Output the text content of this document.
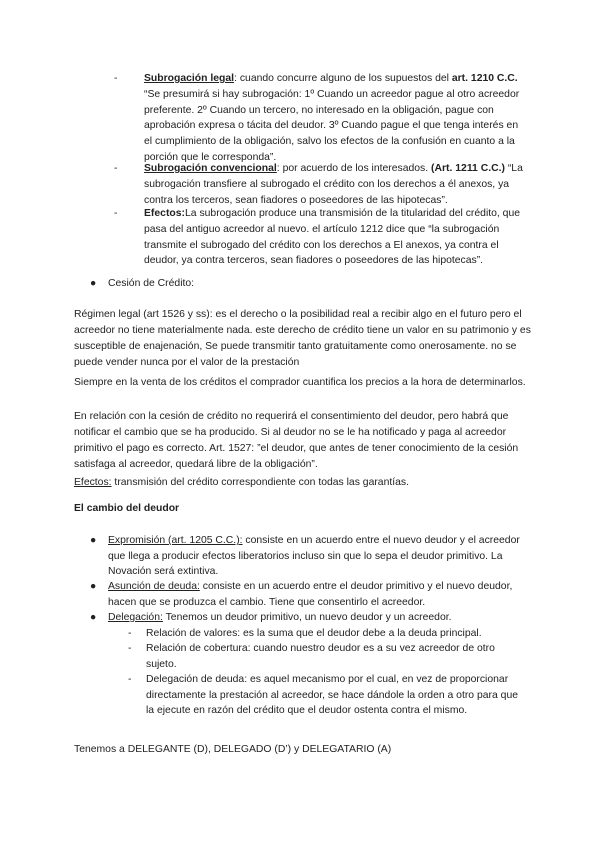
-	Subrogación legal: cuando concurre alguno de los supuestos del art. 1210 C.C. “Se presumirá si hay subrogación: 1º Cuando un acreedor pague al otro acreedor preferente. 2º Cuando un tercero, no interesado en la obligación, pague con aprobación expresa o tácita del deudor. 3º Cuando pague el que tenga interés en el cumplimiento de la obligación, salvo los efectos de la confusión en cuanto a la porción que le corresponda”.

-	Subrogación convencional: por acuerdo de los interesados. (Art. 1211 C.C.) “La subrogación transfiere al subrogado el crédito con los derechos a él anexos, ya contra los terceros, sean fiadores o poseedores de las hipotecas”.

-	Efectos:La subrogación produce una transmisión de la titularidad del crédito, que pasa del antiguo acreedor al nuevo. el artículo 1212 dice que “la subrogación transmite el subrogado del crédito con los derechos a El anexos, ya contra el deudor, ya contra terceros, sean fiadores o poseedores de las hipotecas”.

● Cesión de Crédito:

Régimen legal (art 1526 y ss): es el derecho o la posibilidad real a recibir algo en el futuro pero el acreedor no tiene materialmente nada. este derecho de crédito tiene un valor en su patrimonio y es susceptible de enajenación, Se puede transmitir tanto gratuitamente como onerosamente. no se puede vender nunca por el valor de la prestación

Siempre en la venta de los créditos el comprador cuantifica los precios a la hora de determinarlos.

En relación con la cesión de crédito no requerirá el consentimiento del deudor, pero habrá que notificar el cambio que se ha producido. Si al deudor no se le ha notificado y paga al acreedor primitivo el pago es correcto. Art. 1527: ”el deudor, que antes de tener conocimiento de la cesión satisfaga al acreedor, quedará libre de la obligación”.

Efectos: transmisión del crédito correspondiente con todas las garantías.

El cambio del deudor
●	Expromisión (art. 1205 C.C.): consiste en un acuerdo entre el nuevo deudor y el acreedor que llega a producir efectos liberatorios incluso sin que lo sepa el deudor primitivo. La Novación será extintiva.

●	Asunción de deuda: consiste en un acuerdo entre el deudor primitivo y el nuevo deudor, hacen que se produzca el cambio. Tiene que consentirlo el acreedor.

●	Delegación: Tenemos un deudor primitivo, un nuevo deudor y un acreedor.

-	Relación de valores: es la suma que el deudor debe a la deuda principal.

-	Relación de cobertura: cuando nuestro deudor es a su vez acreedor de otro sujeto.

-	Delegación de deuda: es aquel mecanismo por el cual, en vez de proporcionar directamente la prestación al acreedor, se hace dándole la orden a otro para que la ejecute en razón del crédito que el deudor ostenta contra el mismo.

Tenemos a DELEGANTE (D), DELEGADO (D’) y DELEGATARIO (A)
